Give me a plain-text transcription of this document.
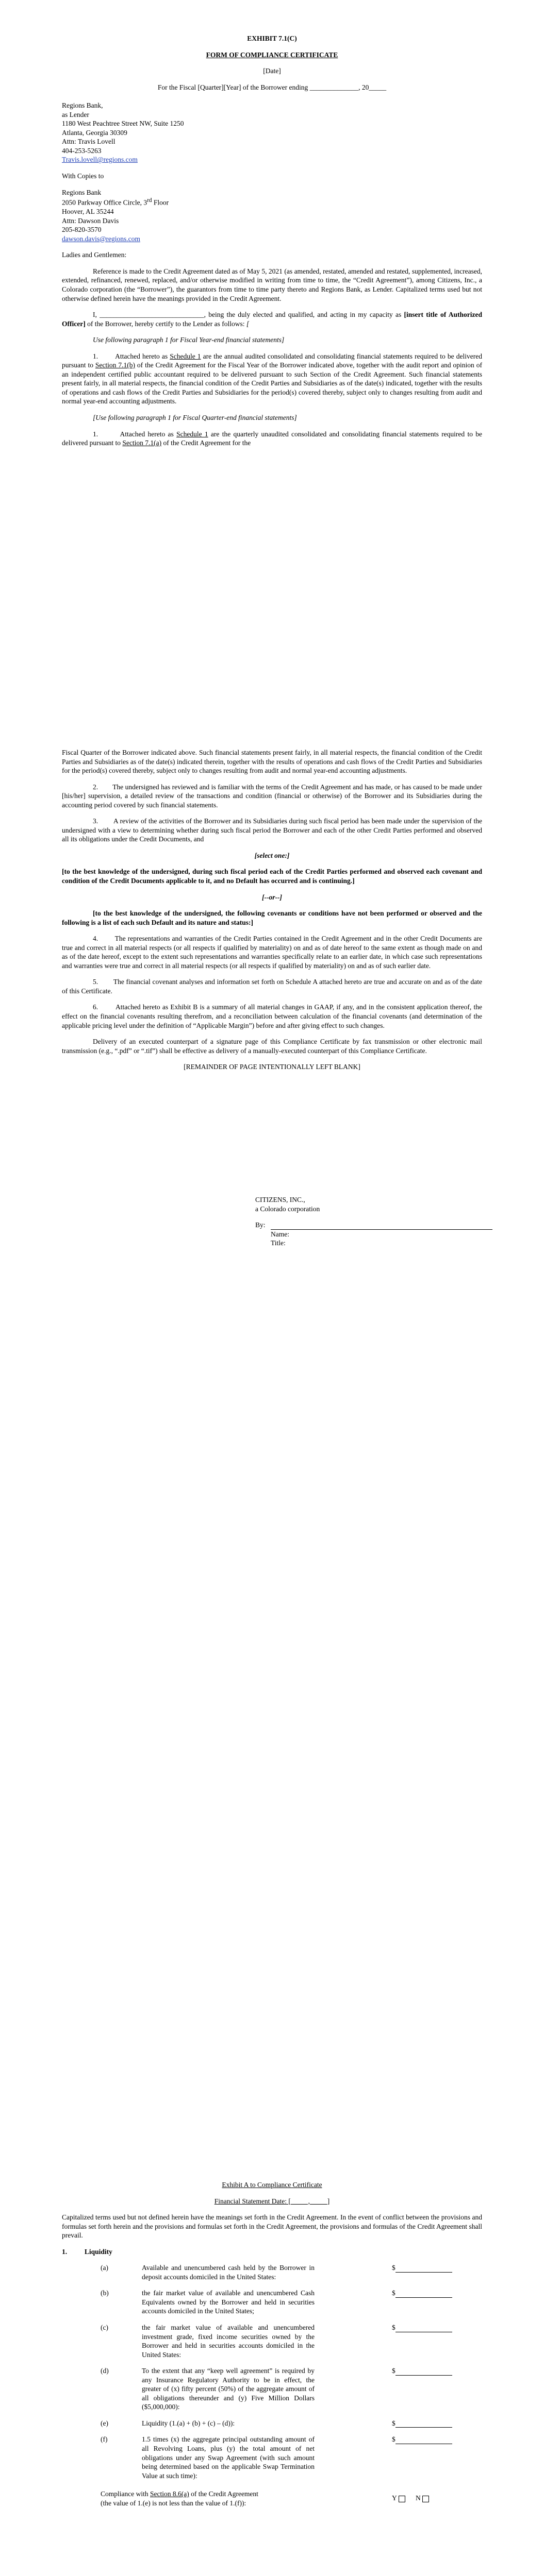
EXHIBIT 7.1(C)

FORM OF COMPLIANCE CERTIFICATE

[Date]

For the Fiscal [Quarter][Year] of the Borrower ending ______________, 20_____

Regions Bank,

as Lender

1180 West Peachtree Street NW, Suite 1250

Atlanta, Georgia 30309

Attn: Travis Lovell

404-253-5263

Travis.lovell@regions.com

With Copies to

Regions Bank

2050 Parkway Office Circle, 3rd Floor

Hoover, AL 35244

Attn: Dawson Davis

205-820-3570

dawson.davis@regions.com

Ladies and Gentlemen:

Reference is made to the Credit Agreement dated as of May 5, 2021 (as amended, restated, amended and restated, supplemented, increased, extended, refinanced, renewed, replaced, and/or otherwise modified in writing from time to time, the “Credit Agreement”), among Citizens, Inc., a Colorado corporation (the “Borrower”), the guarantors from time to time party thereto and Regions Bank, as Lender. Capitalized terms used but not otherwise defined herein have the meanings provided in the Credit Agreement.

I, ______________________________, being the duly elected and qualified, and acting in my capacity as [insert title of Authorized Officer] of the Borrower, hereby certify to the Lender as follows: [

Use following paragraph 1 for Fiscal Year-end financial statements]

1. Attached hereto as Schedule 1 are the annual audited consolidated and consolidating financial statements required to be delivered pursuant to Section 7.1(b) of the Credit Agreement for the Fiscal Year of the Borrower indicated above, together with the audit report and opinion of an independent certified public accountant required to be delivered pursuant to such Section of the Credit Agreement. Such financial statements present fairly, in all material respects, the financial condition of the Credit Parties and Subsidiaries as of the date(s) indicated, together with the results of operations and cash flows of the Credit Parties and Subsidiaries for the period(s) covered thereby, subject only to changes resulting from audit and normal year-end accounting adjustments.

[Use following paragraph 1 for Fiscal Quarter-end financial statements]

1.	Attached hereto as Schedule 1 are the quarterly unaudited consolidated and consolidating financial statements required to be delivered pursuant to Section 7.1(a) of the Credit Agreement for the

Fiscal Quarter of the Borrower indicated above. Such financial statements present fairly, in all material respects, the financial condition of the Credit Parties and Subsidiaries as of the date(s) indicated therein, together with the results of operations and cash flows of the Credit Parties and Subsidiaries for the period(s) covered thereby, subject only to changes resulting from audit and normal year-end accounting adjustments.

2. The undersigned has reviewed and is familiar with the terms of the Credit Agreement and has made, or has caused to be made under [his/her] supervision, a detailed review of the transactions and condition (financial or otherwise) of the Borrower and its Subsidiaries during the accounting period covered by such financial statements.

3. A review of the activities of the Borrower and its Subsidiaries during such fiscal period has been made under the supervision of the undersigned with a view to determining whether during such fiscal period the Borrower and each of the other Credit Parties performed and observed all its obligations under the Credit Documents, and

[select one:]

[to the best knowledge of the undersigned, during such fiscal period each of the Credit Parties performed and observed each covenant and condition of the Credit Documents applicable to it, and no Default has occurred and is continuing.]

[--or--]

[to the best knowledge of the undersigned, the following covenants or conditions have not been performed or observed and the following is a list of each such Default and its nature and status:]

4. The representations and warranties of the Credit Parties contained in the Credit Agreement and in the other Credit Documents are true and correct in all material respects (or all respects if qualified by materiality) on and as of date hereof to the same extent as though made on and as of the date hereof, except to the extent such representations and warranties specifically relate to an earlier date, in which case such representations and warranties were true and correct in all material respects (or all respects if qualified by materiality) on and as of such earlier date.

5. The financial covenant analyses and information set forth on Schedule A attached hereto are true and accurate on and as of the date of this Certificate.

6.	Attached hereto as Exhibit B is a summary of all material changes in GAAP, if any, and in the consistent application thereof, the effect on the financial covenants resulting therefrom, and a reconciliation between calculation of the financial covenants (and determination of the applicable pricing level under the definition of “Applicable Margin”) before and after giving effect to such changes.

Delivery of an executed counterpart of a signature page of this Compliance Certificate by fax transmission or other electronic mail transmission (e.g., “.pdf” or “.tif”) shall be effective as delivery of a manually-executed counterpart of this Compliance Certificate.

[REMAINDER OF PAGE INTENTIONALLY LEFT BLANK]

CITIZENS, INC.,

a Colorado corporation

By:

Name:

Title:

Exhibit A to Compliance Certificate

Financial Statement Date: [          ,          ]

Capitalized terms used but not defined herein have the meanings set forth in the Credit Agreement. In the event of conflict between the provisions and formulas set forth herein and the provisions and formulas set forth in the Credit Agreement, the provisions and formulas of the Credit Agreement shall prevail.

1.	Liquidity

(a)	Available and unencumbered cash held by the Borrower in deposit accounts domiciled in the United States:

$
(b)	the fair market value of available and unencumbered Cash Equivalents owned by the Borrower and held in securities accounts domiciled in the United States;

$
(c)	the fair market value of available and unencumbered investment grade, fixed income securities owned by the Borrower and held in securities accounts domiciled in the United States:

$
(d)	To the extent that any “keep well agreement” is required by any Insurance Regulatory Authority to be in effect, the greater of (x) fifty percent (50%) of the aggregate amount of all obligations thereunder and (y) Five Million Dollars ($5,000,000):

$
(e)	Liquidity (1.(a) + (b) + (c) – (d)):	$
(f)	1.5 times (x) the aggregate principal outstanding amount of all Revolving Loans, plus (y) the total amount of net obligations under any Swap Agreement (with such amount being determined based on the applicable Swap Termination Value at such time):

$

Compliance with Section 8.6(a) of the Credit Agreement
(the value of 1.(e) is not less than the value of 1.(f)):

Y	N
